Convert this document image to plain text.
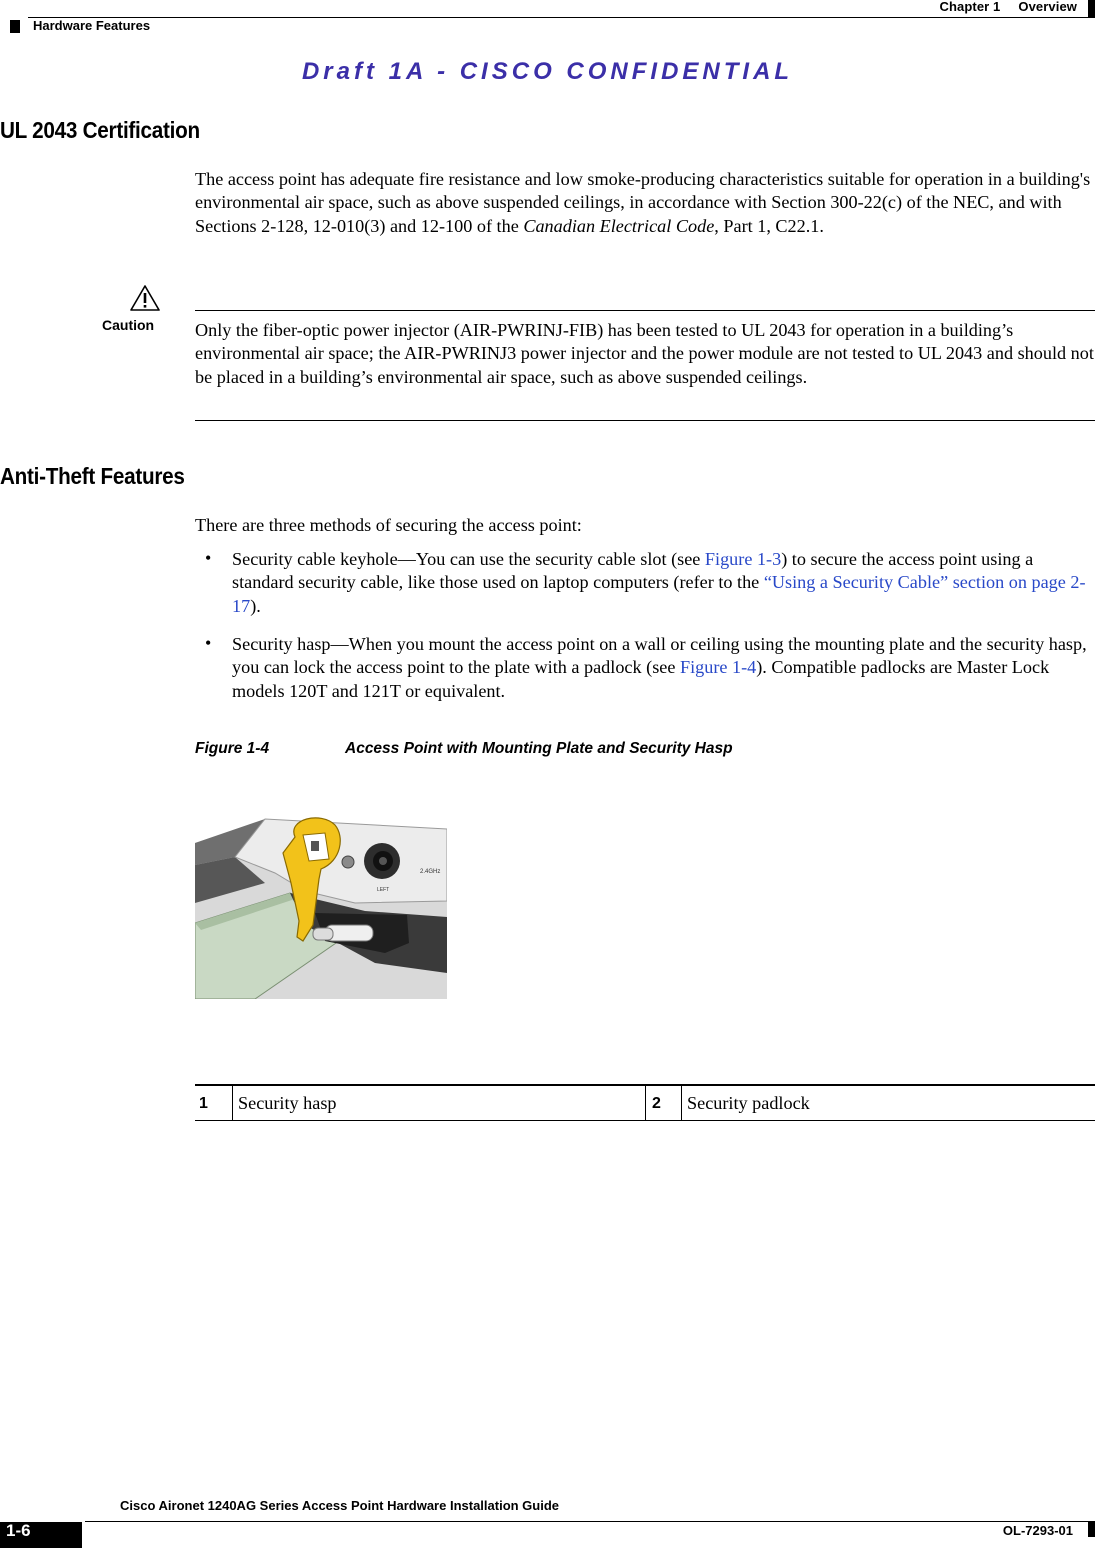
Chapter 1 Overview
Hardware Features
Draft 1A - CISCO CONFIDENTIAL
UL 2043 Certification
The access point has adequate fire resistance and low smoke-producing characteristics suitable for operation in a building's environmental air space, such as above suspended ceilings, in accordance with Section 300-22(c) of the NEC, and with Sections 2-128, 12-010(3) and 12-100 of the Canadian Electrical Code, Part 1, C22.1.
Caution Only the fiber-optic power injector (AIR-PWRINJ-FIB) has been tested to UL 2043 for operation in a building’s environmental air space; the AIR-PWRINJ3 power injector and the power module are not tested to UL 2043 and should not be placed in a building’s environmental air space, such as above suspended ceilings.
Anti-Theft Features
There are three methods of securing the access point:
• Security cable keyhole—You can use the security cable slot (see Figure 1-3) to secure the access point using a standard security cable, like those used on laptop computers (refer to the “Using a Security Cable” section on page 2-17).
• Security hasp—When you mount the access point on a wall or ceiling using the mounting plate and the security hasp, you can lock the access point to the plate with a padlock (see Figure 1-4). Compatible padlocks are Master Lock models 120T and 121T or equivalent.
Figure 1-4	Access Point with Mounting Plate and Security Hasp
2.4GHz
LEFT
1 Security hasp	2 Security padlock
Cisco Aironet 1240AG Series Access Point Hardware Installation Guide
1-6	OL-7293-01
